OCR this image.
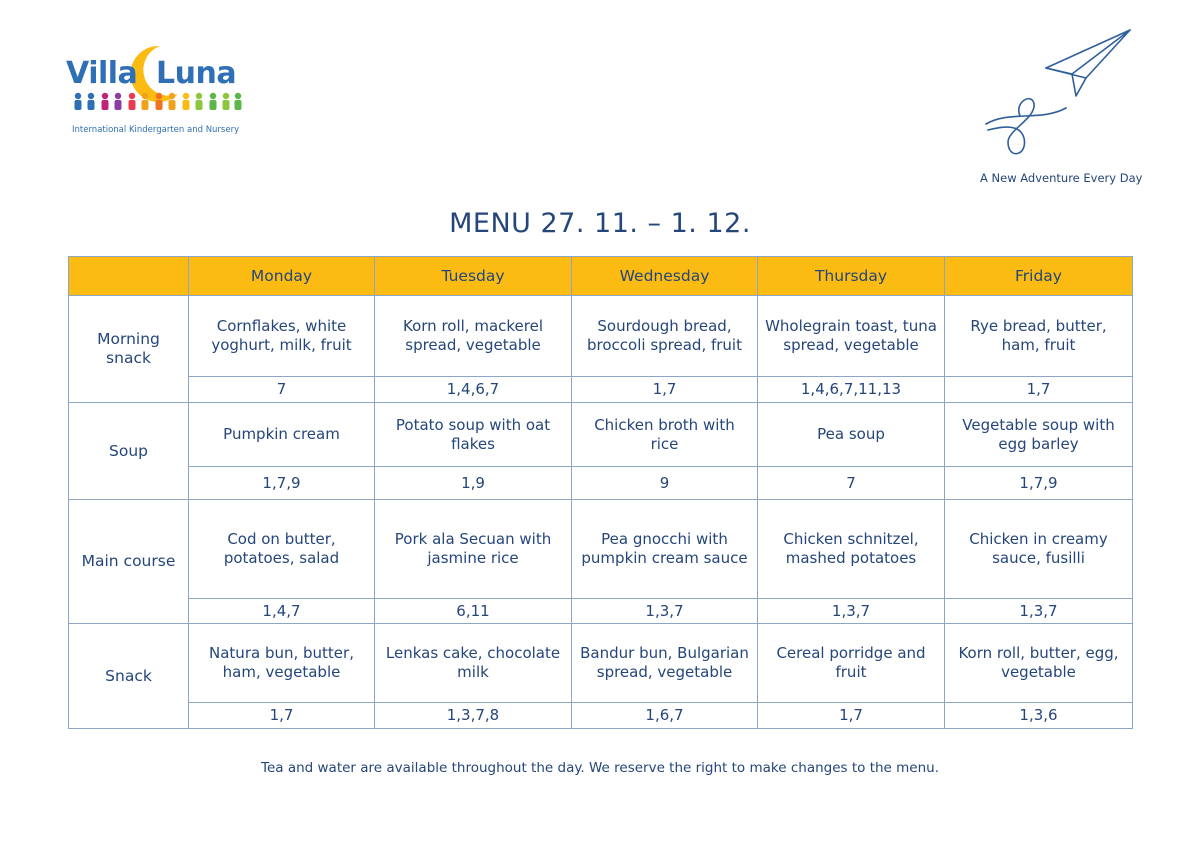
Villa Luna
International Kindergarten and Nursery
A New Adventure Every Day
MENU 27. 11. – 1. 12.
	Monday	Tuesday	Wednesday	Thursday	Friday
Morning snack	Cornflakes, white yoghurt, milk, fruit	Korn roll, mackerel spread, vegetable	Sourdough bread, broccoli spread, fruit	Wholegrain toast, tuna spread, vegetable	Rye bread, butter, ham, fruit
	7	1,4,6,7	1,7	1,4,6,7,11,13	1,7
Soup	Pumpkin cream	Potato soup with oat flakes	Chicken broth with rice	Pea soup	Vegetable soup with egg barley
	1,7,9	1,9	9	7	1,7,9
Main course	Cod on butter, potatoes, salad	Pork ala Secuan with jasmine rice	Pea gnocchi with pumpkin cream sauce	Chicken schnitzel, mashed potatoes	Chicken in creamy sauce, fusilli
	1,4,7	6,11	1,3,7	1,3,7	1,3,7
Snack	Natura bun, butter, ham, vegetable	Lenkas cake, chocolate milk	Bandur bun, Bulgarian spread, vegetable	Cereal porridge and fruit	Korn roll, butter, egg, vegetable
	1,7	1,3,7,8	1,6,7	1,7	1,3,6
Tea and water are available throughout the day. We reserve the right to make changes to the menu.
